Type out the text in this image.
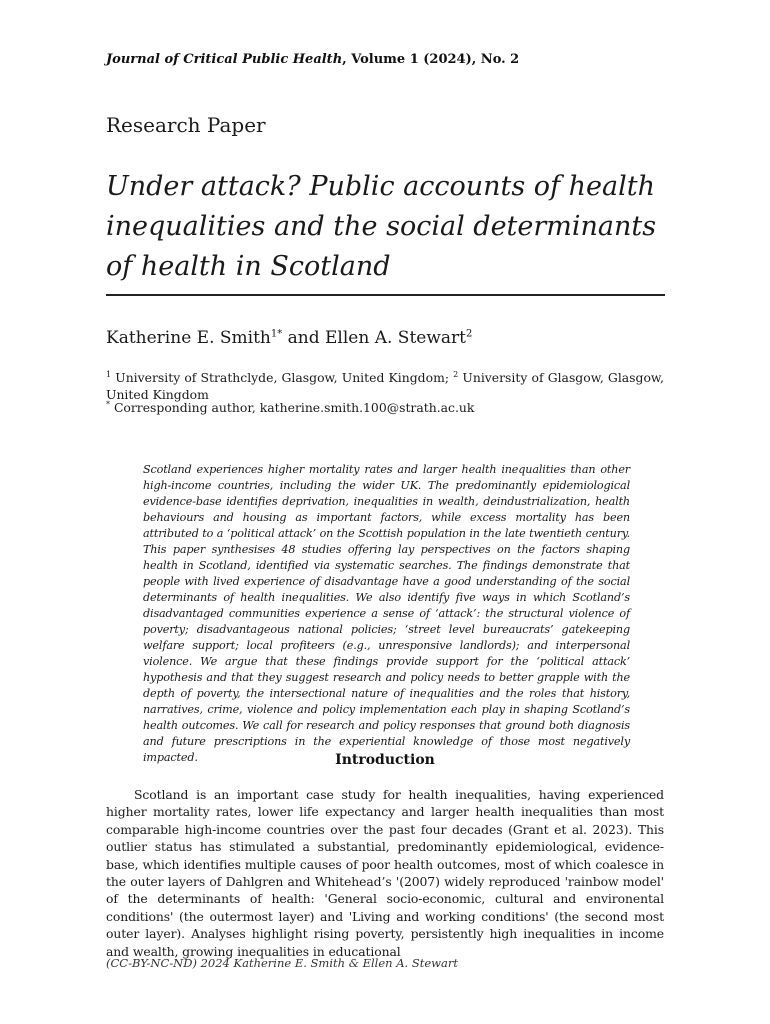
Journal of Critical Public Health, Volume 1 (2024), No. 2
Research Paper
Under attack? Public accounts of health inequalities and the social determinants of health in Scotland
Katherine E. Smith$^{1*}$ and Ellen A. Stewart$^2$
$^1$ University of Strathclyde, Glasgow, United Kingdom; $^2$ University of Glasgow, Glasgow, United Kingdom
* Corresponding author, katherine.smith.100@strath.ac.uk

Scotland experiences higher mortality rates and larger health inequalities than other high-income countries, including the wider UK. The predominantly epidemiological evidence-base identifies deprivation, inequalities in wealth, deindustrialization, health behaviours and housing as important factors, while excess mortality has been attributed to a ‘political attack’ on the Scottish population in the late twentieth century. This paper synthesises 48 studies offering lay perspectives on the factors shaping health in Scotland, identified via systematic searches. The findings demonstrate that people with lived experience of disadvantage have a good understanding of the social determinants of health inequalities. We also identify five ways in which Scotland’s disadvantaged communities experience a sense of ‘attack’: the structural violence of poverty; disadvantageous national policies; ‘street level bureaucrats’ gatekeeping welfare support; local profiteers (e.g., unresponsive landlords); and interpersonal violence. We argue that these findings provide support for the ‘political attack’ hypothesis and that they suggest research and policy needs to better grapple with the depth of poverty, the intersectional nature of inequalities and the roles that history, narratives, crime, violence and policy implementation each play in shaping Scotland’s health outcomes. We call for research and policy responses that ground both diagnosis and future prescriptions in the experiential knowledge of those most negatively impacted.	Introduction

Scotland is an important case study for health inequalities, having experienced higher mortality rates, lower life expectancy and larger health inequalities than most comparable high-income countries over the past four decades (Grant et al. 2023). This outlier status has stimulated a substantial, predominantly epidemiological, evidence-base, which identifies multiple causes of poor health outcomes, most of which coalesce in the outer layers of Dahlgren and Whitehead’s '(2007) widely reproduced 'rainbow model' of the determinants of health: 'General socio-economic, cultural and environental conditions' (the outermost layer) and 'Living and working conditions' (the second most outer layer). Analyses highlight rising poverty, persistently high inequalities in income and wealth, growing inequalities in educational

(CC-BY-NC-ND) 2024 Katherine E. Smith & Ellen A. Stewart
